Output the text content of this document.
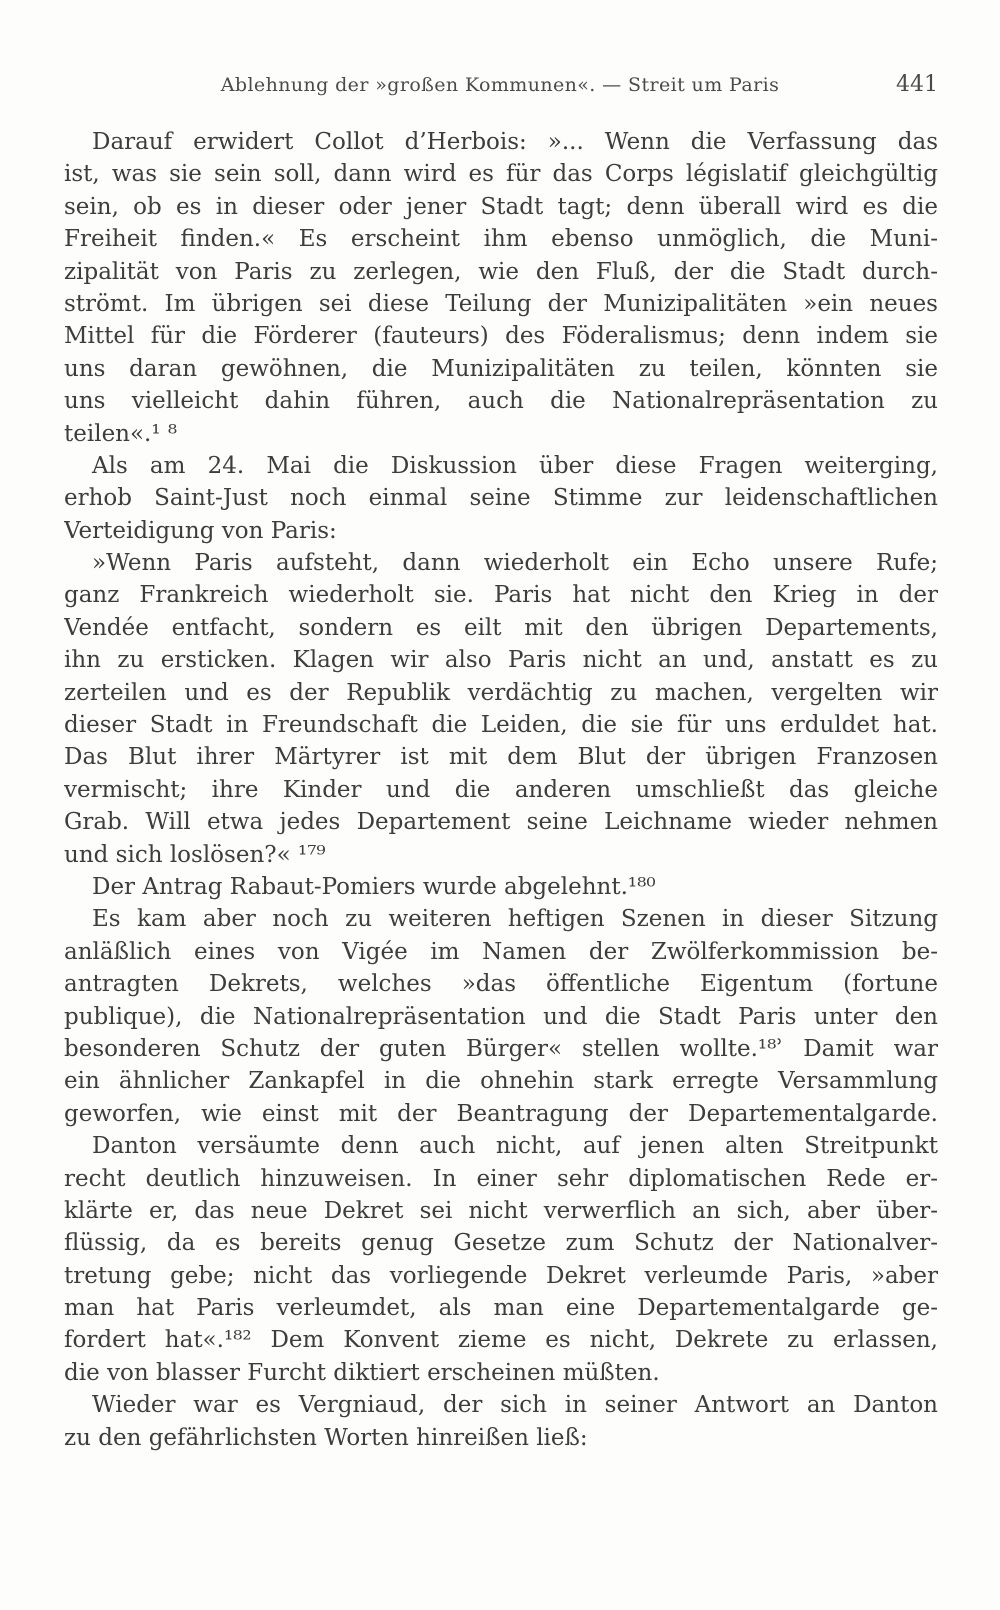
Ablehnung der »großen Kommunen«. — Streit um Paris	441
Darauf erwidert Collot d’Herbois: »... Wenn die Verfassung das
ist, was sie sein soll, dann wird es für das Corps législatif gleichgültig
sein, ob es in dieser oder jener Stadt tagt; denn überall wird es die
Freiheit finden.« Es erscheint ihm ebenso unmöglich, die Muni-
zipalität von Paris zu zerlegen, wie den Fluß, der die Stadt durch-
strömt. Im übrigen sei diese Teilung der Munizipalitäten »ein neues
Mittel für die Förderer (fauteurs) des Föderalismus; denn indem sie
uns daran gewöhnen, die Munizipalitäten zu teilen, könnten sie
uns vielleicht dahin führen, auch die Nationalrepräsentation zu
teilen«.¹ ⁸
Als am 24. Mai die Diskussion über diese Fragen weiterging,
erhob Saint-Just noch einmal seine Stimme zur leidenschaftlichen
Verteidigung von Paris:
»Wenn Paris aufsteht, dann wiederholt ein Echo unsere Rufe;
ganz Frankreich wiederholt sie. Paris hat nicht den Krieg in der
Vendée entfacht, sondern es eilt mit den übrigen Departements,
ihn zu ersticken. Klagen wir also Paris nicht an und, anstatt es zu
zerteilen und es der Republik verdächtig zu machen, vergelten wir
dieser Stadt in Freundschaft die Leiden, die sie für uns erduldet hat.
Das Blut ihrer Märtyrer ist mit dem Blut der übrigen Franzosen
vermischt; ihre Kinder und die anderen umschließt das gleiche
Grab. Will etwa jedes Departement seine Leichname wieder nehmen
und sich loslösen?« ¹⁷⁹
Der Antrag Rabaut-Pomiers wurde abgelehnt.¹⁸⁰
Es kam aber noch zu weiteren heftigen Szenen in dieser Sitzung
anläßlich eines von Vigée im Namen der Zwölferkommission be-
antragten Dekrets, welches »das öffentliche Eigentum (fortune
publique), die Nationalrepräsentation und die Stadt Paris unter den
besonderen Schutz der guten Bürger« stellen wollte.¹⁸ʾ Damit war
ein ähnlicher Zankapfel in die ohnehin stark erregte Versammlung
geworfen, wie einst mit der Beantragung der Departementalgarde.
Danton versäumte denn auch nicht, auf jenen alten Streitpunkt
recht deutlich hinzuweisen. In einer sehr diplomatischen Rede er-
klärte er, das neue Dekret sei nicht verwerflich an sich, aber über-
flüssig, da es bereits genug Gesetze zum Schutz der Nationalver-
tretung gebe; nicht das vorliegende Dekret verleumde Paris, »aber
man hat Paris verleumdet, als man eine Departementalgarde ge-
fordert hat«.¹⁸² Dem Konvent zieme es nicht, Dekrete zu erlassen,
die von blasser Furcht diktiert erscheinen müßten.
Wieder war es Vergniaud, der sich in seiner Antwort an Danton
zu den gefährlichsten Worten hinreißen ließ:
